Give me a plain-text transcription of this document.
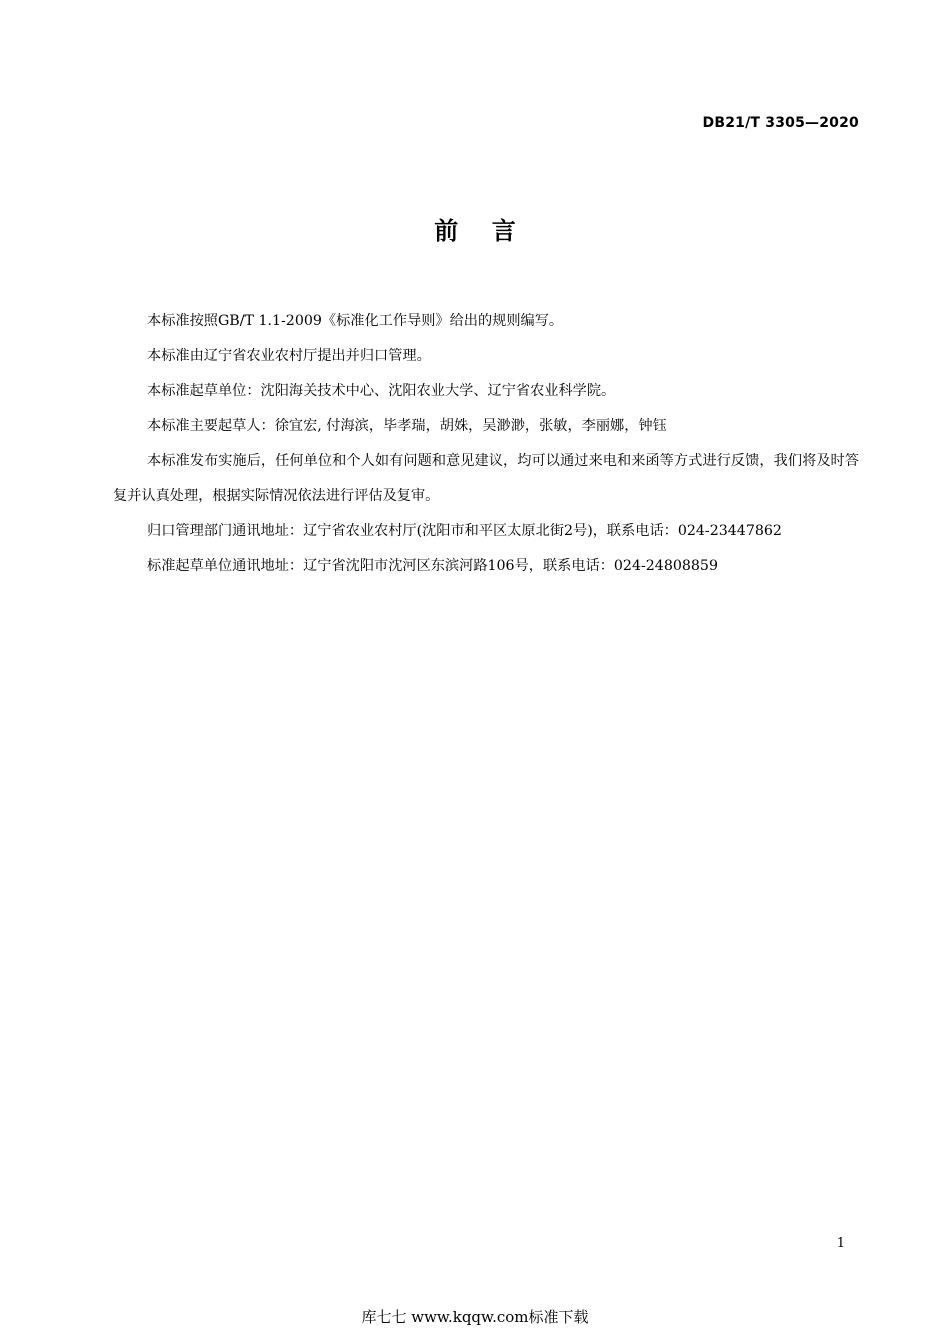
DB21/T 3305—2020
前    言

本标准按照GB/T 1.1-2009《标准化工作导则》给出的规则编写。

本标准由辽宁省农业农村厅提出并归口管理。

本标准起草单位：沈阳海关技术中心、沈阳农业大学、辽宁省农业科学院。

本标准主要起草人：徐宜宏, 付海滨，毕孝瑞，胡姝，吴渺渺，张敏，李丽娜，钟钰

本标准发布实施后，任何单位和个人如有问题和意见建议，均可以通过来电和来函等方式进行反馈，我们将及时答复并认真处理，根据实际情况依法进行评估及复审。

归口管理部门通讯地址：辽宁省农业农村厅(沈阳市和平区太原北街2号)，联系电话：024-23447862

标准起草单位通讯地址：辽宁省沈阳市沈河区东滨河路106号，联系电话：024-24808859

1
库七七 www.kqqw.com标准下载
